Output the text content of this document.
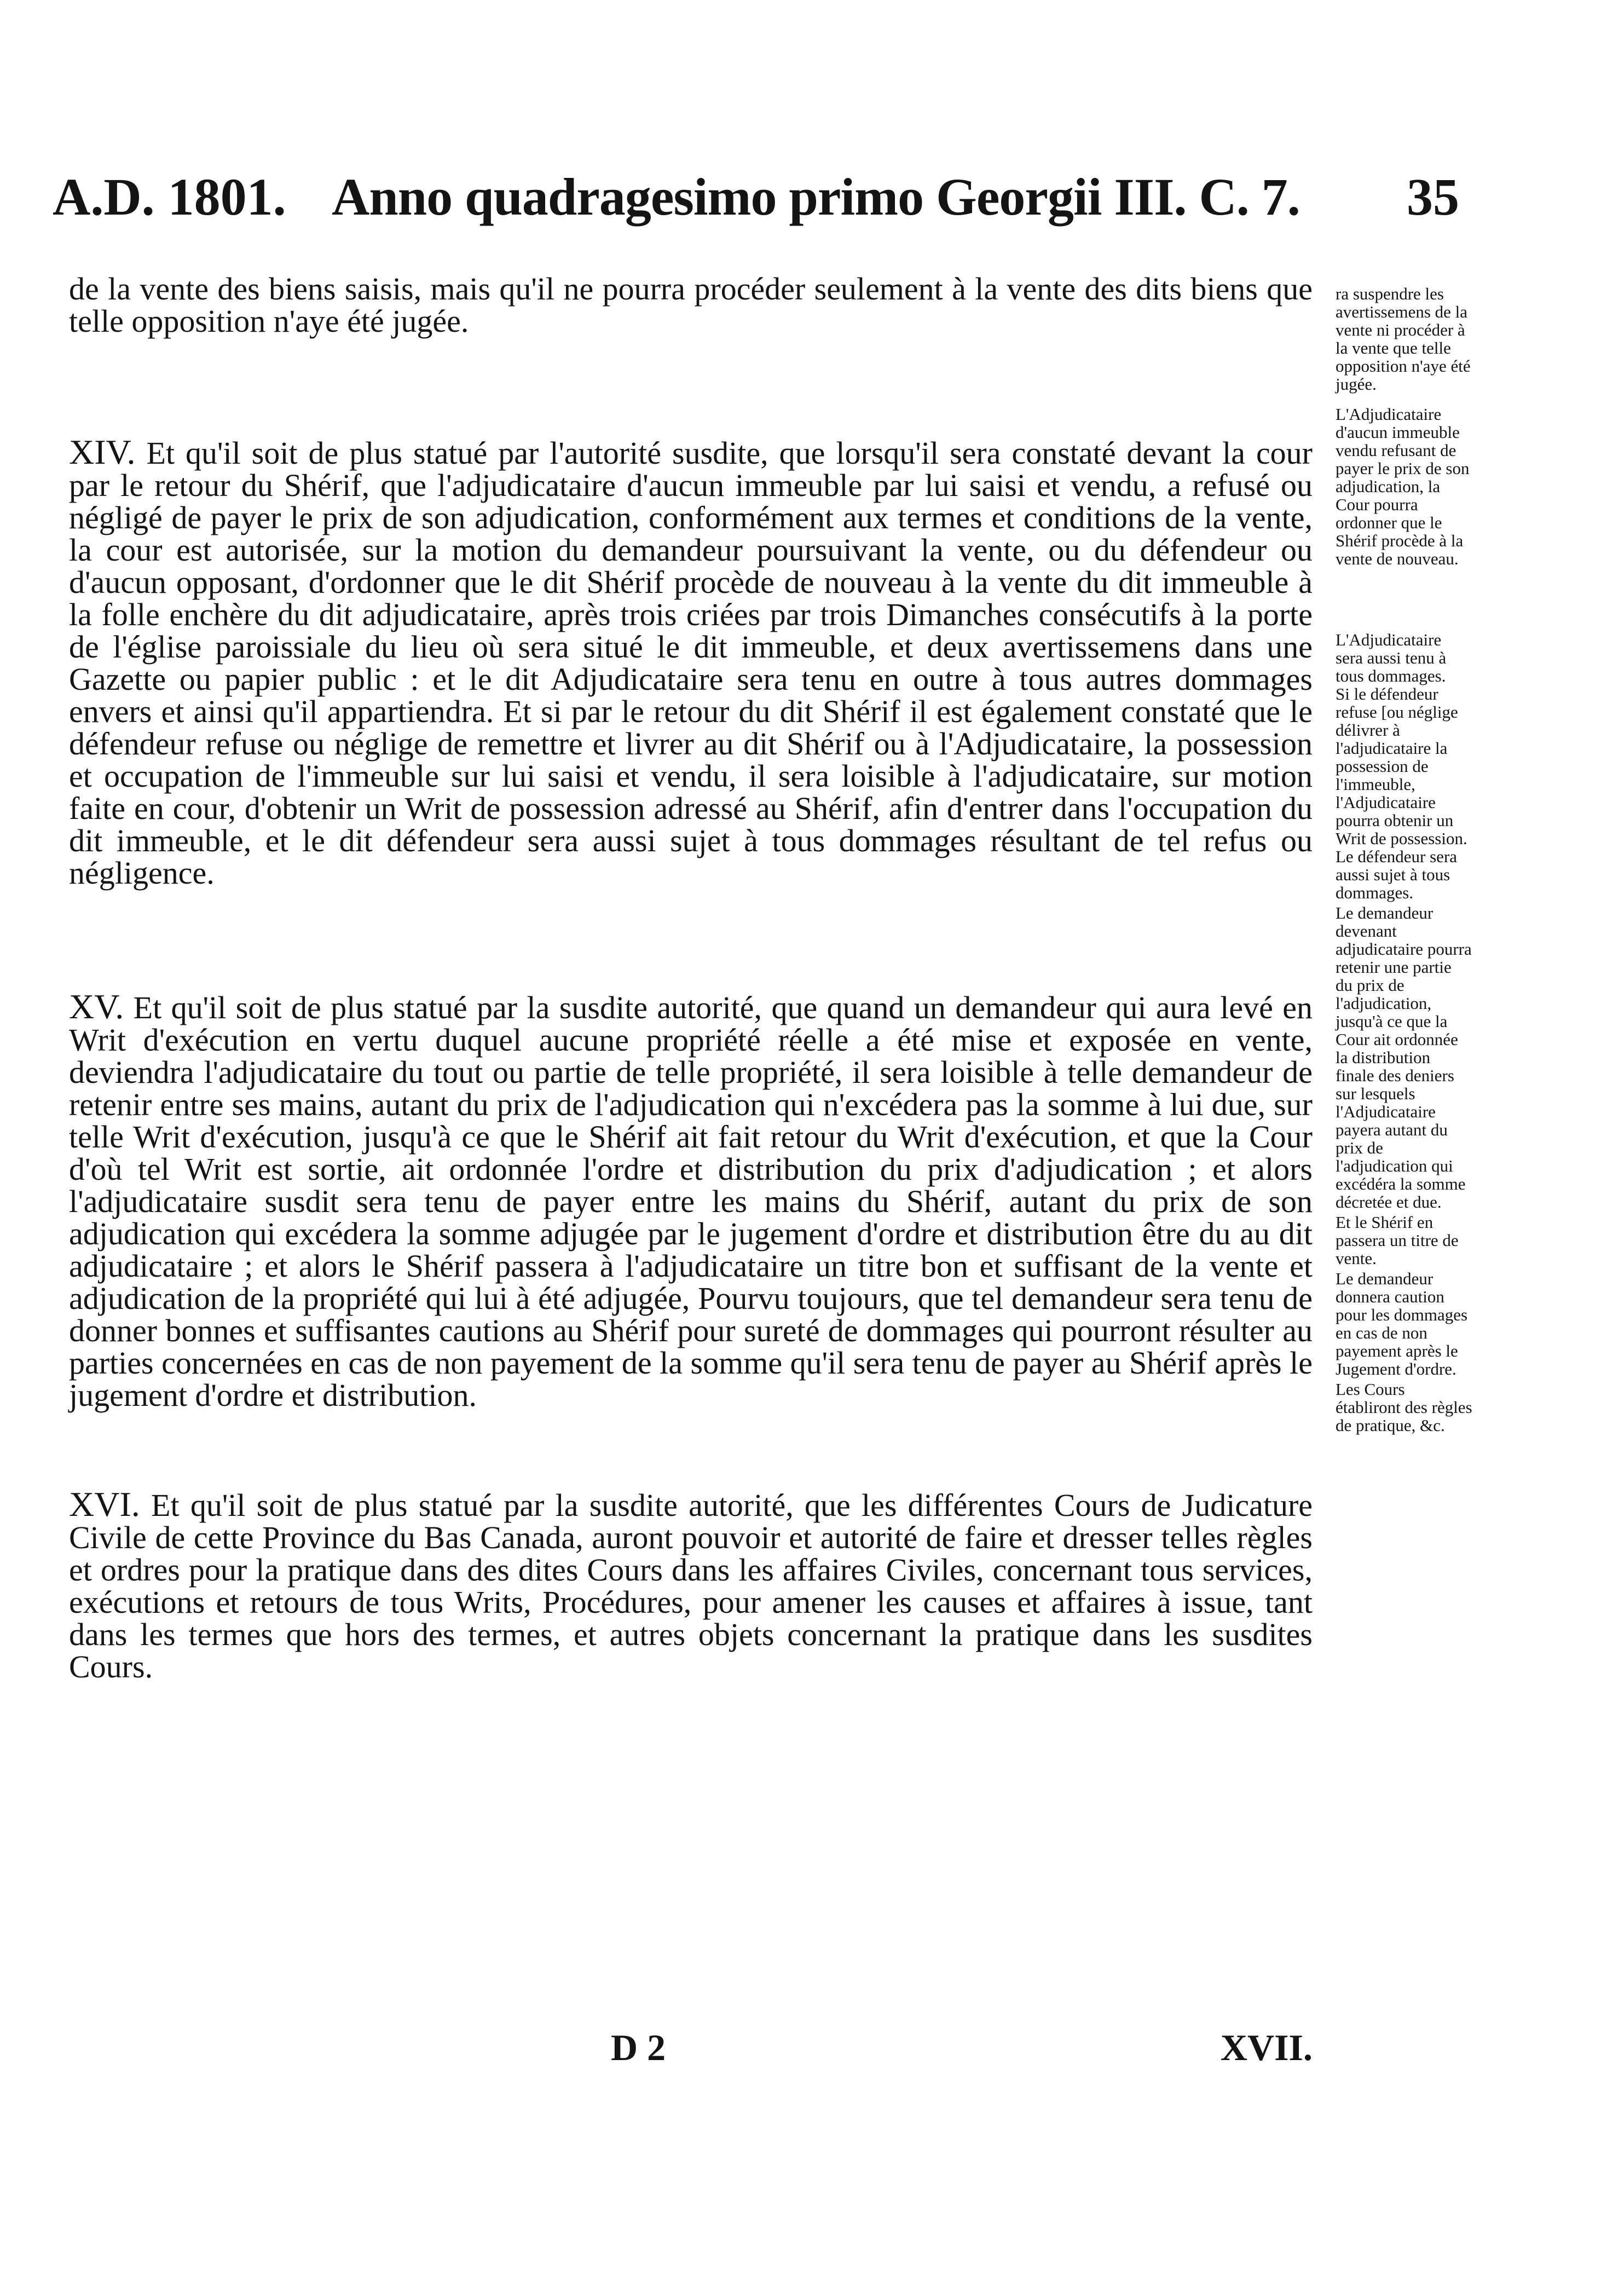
A.D. 1801. Anno quadragesimo primo Georgii III. C. 7. 35

de la vente des biens saisis, mais qu'il ne pourra procéder seulement à la vente des dits biens que telle opposition n'aye été jugée.

XIV. Et qu'il soit de plus statué par l'autorité susdite, que lorsqu'il sera constaté devant la cour par le retour du Shérif, que l'adjudicataire d'aucun immeuble par lui saisi et vendu, a refusé ou négligé de payer le prix de son adjudication, conformément aux termes et conditions de la vente, la cour est autorisée, sur la motion du demandeur poursuivant la vente, ou du défendeur ou d'aucun opposant, d'ordonner que le dit Shérif procède de nouveau à la vente du dit immeuble à la folle enchère du dit adjudicataire, après trois criées par trois Dimanches consécutifs à la porte de l'église paroissiale du lieu où sera situé le dit immeuble, et deux avertissemens dans une Gazette ou papier public : et le dit Adjudicataire sera tenu en outre à tous autres dommages envers et ainsi qu'il appartiendra. Et si par le retour du dit Shérif il est également constaté que le défendeur refuse ou néglige de remettre et livrer au dit Shérif ou à l'Adjudicataire, la possession et occupation de l'immeuble sur lui saisi et vendu, il sera loisible à l'adjudicataire, sur motion faite en cour, d'obtenir un Writ de possession adressé au Shérif, afin d'entrer dans l'occupation du dit immeuble, et le dit défendeur sera aussi sujet à tous dommages résultant de tel refus ou négligence.

XV. Et qu'il soit de plus statué par la susdite autorité, que quand un demandeur qui aura levé en Writ d'exécution en vertu duquel aucune propriété réelle a été mise et exposée en vente, deviendra l'adjudicataire du tout ou partie de telle propriété, il sera loisible à telle demandeur de retenir entre ses mains, autant du prix de l'adjudication qui n'excédera pas la somme à lui due, sur telle Writ d'exécution, jusqu'à ce que le Shérif ait fait retour du Writ d'exécution, et que la Cour d'où tel Writ est sortie, ait ordonnée l'ordre et distribution du prix d'adjudication ; et alors l'adjudicataire susdit sera tenu de payer entre les mains du Shérif, autant du prix de son adjudication qui excédera la somme adjugée par le jugement d'ordre et distribution être du au dit adjudicataire ; et alors le Shérif passera à l'adjudicataire un titre bon et suffisant de la vente et adjudication de la propriété qui lui à été adjugée, Pourvu toujours, que tel demandeur sera tenu de donner bonnes et suffisantes cautions au Shérif pour sureté de dommages qui pourront résulter au parties concernées en cas de non payement de la somme qu'il sera tenu de payer au Shérif après le jugement d'ordre et distribution.

XVI. Et qu'il soit de plus statué par la susdite autorité, que les différentes Cours de Judicature Civile de cette Province du Bas Canada, auront pouvoir et autorité de faire et dresser telles règles et ordres pour la pratique dans des dites Cours dans les affaires Civiles, concernant tous services, exécutions et retours de tous Writs, Procédures, pour amener les causes et affaires à issue, tant dans les termes que hors des termes, et autres objets concernant la pratique dans les susdites Cours.

ra suspendre les avertissemens de la vente ni procéder à la vente que telle opposition n'aye été jugée.

L'Adjudicataire d'aucun immeuble vendu refusant de payer le prix de son adjudication, la Cour pourra ordonner que le Shérif procède à la vente de nouveau.

L'Adjudicataire sera aussi tenu à tous dommages.

Si le défendeur refuse [ou néglige délivrer à l'adjudicataire la possession de l'immeuble, l'Adjudicataire pourra obtenir un Writ de possession.

Le défendeur sera aussi sujet à tous dommages.

Le demandeur devenant adjudicataire pourra retenir une partie du prix de l'adjudication, jusqu'à ce que la Cour ait ordonnée la distribution finale des deniers sur lesquels l'Adjudicataire payera autant du prix de l'adjudication qui excédéra la somme décretée et due.

Et le Shérif en passera un titre de vente.

Le demandeur donnera caution pour les dommages en cas de non payement après le Jugement d'ordre.

Les Cours établiront des règles de pratique, &c.

D 2	XVII.
